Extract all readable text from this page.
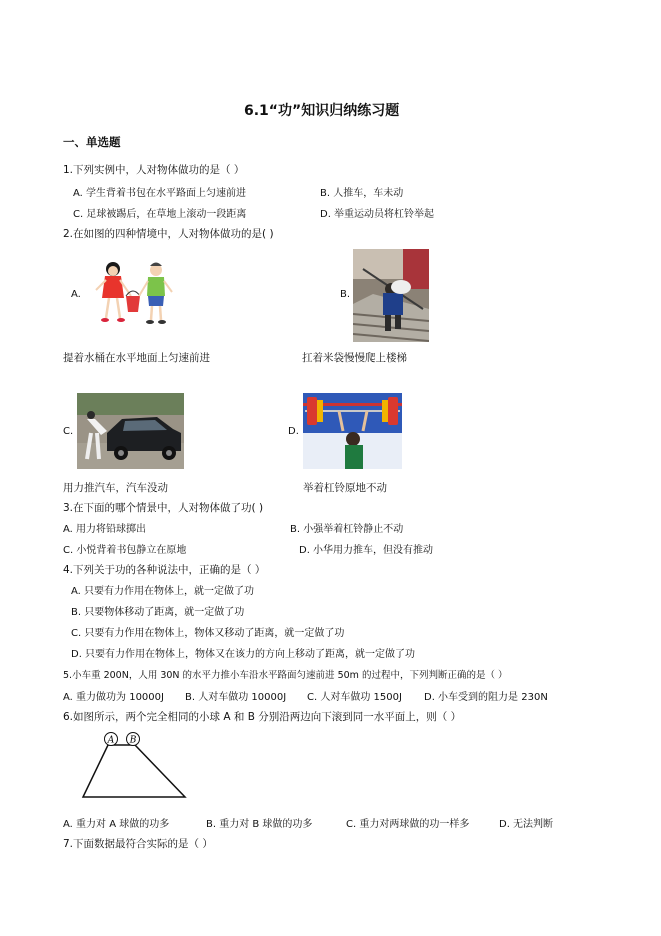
6.1“功”知识归纳练习题
一、单选题
1.下列实例中，人对物体做功的是（ ）
A. 学生背着书包在水平路面上匀速前进	B. 人推车，车未动
C. 足球被踢后，在草地上滚动一段距离	D. 举重运动员将杠铃举起
2.在如图的四种情境中，人对物体做功的是( )
A.	B.
提着水桶在水平地面上匀速前进	扛着米袋慢慢爬上楼梯
C.	D.
用力推汽车，汽车没动	举着杠铃原地不动
3.在下面的哪个情景中，人对物体做了功( )
A. 用力将铅球掷出	B. 小强举着杠铃静止不动
C. 小悦背着书包静立在原地	D. 小华用力推车，但没有推动
4.下列关于功的各种说法中，正确的是（ ）
A. 只要有力作用在物体上，就一定做了功
B. 只要物体移动了距离，就一定做了功
C. 只要有力作用在物体上，物体又移动了距离，就一定做了功
D. 只要有力作用在物体上，物体又在该力的方向上移动了距离，就一定做了功
5.小车重 200N，人用 30N 的水平力推小车沿水平路面匀速前进 50m 的过程中，下列判断正确的是（ ）
A. 重力做功为 10000J B. 人对车做功 10000J C. 人对车做功 1500J D. 小车受到的阻力是 230N
6.如图所示，两个完全相同的小球 A 和 B 分别沿两边向下滚到同一水平面上，则（ ）
A B
A. 重力对 A 球做的功多	B. 重力对 B 球做的功多	C. 重力对两球做的功一样多	D. 无法判断
7.下面数据最符合实际的是（ ）
